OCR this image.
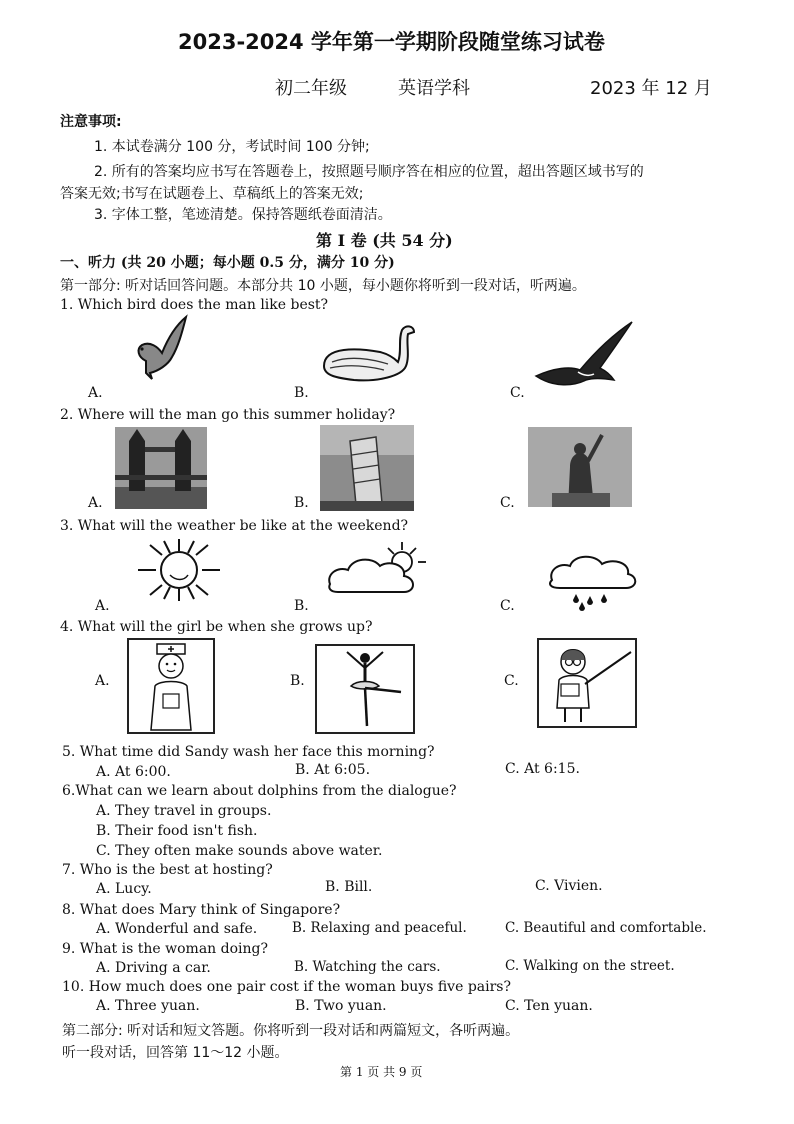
2023-2024 学年第一学期阶段随堂练习试卷
初二年级	英语学科	2023 年 12 月
注意事项:
1. 本试卷满分 100 分，考试时间 100 分钟;
2. 所有的答案均应书写在答题卷上，按照题号顺序答在相应的位置，超出答题区域书写的
答案无效;书写在试题卷上、草稿纸上的答案无效;
3. 字体工整，笔迹清楚。保持答题纸卷面清洁。
第 I 卷 (共 54 分)
一、听力 (共 20 小题；每小题 0.5 分，满分 10 分)
第一部分: 听对话回答问题。本部分共 10 小题，每小题你将听到一段对话，听两遍。
1. Which bird does the man like best?
A.	B.	C.
2. Where will the man go this summer holiday?
A.	B.	C.
3. What will the weather be like at the weekend?
A.	B.	C.
4. What will the girl be when she grows up?
A.	B.	C.
5. What time did Sandy wash her face this morning?
A. At 6:00.	B. At 6:05.	C. At 6:15.
6.What can we learn about dolphins from the dialogue?
A. They travel in groups.
B. Their food isn't fish.
C. They often make sounds above water.
7. Who is the best at hosting?
A. Lucy.	B. Bill.	C. Vivien.
8. What does Mary think of Singapore?
A. Wonderful and safe.	B. Relaxing and peaceful.	C. Beautiful and comfortable.
9. What is the woman doing?
A. Driving a car.	B. Watching the cars.	C. Walking on the street.
10. How much does one pair cost if the woman buys five pairs?
A. Three yuan.	B. Two yuan.	C. Ten yuan.
第二部分: 听对话和短文答题。你将听到一段对话和两篇短文，各听两遍。
听一段对话，回答第 11～12 小题。
第 1 页 共 9 页
